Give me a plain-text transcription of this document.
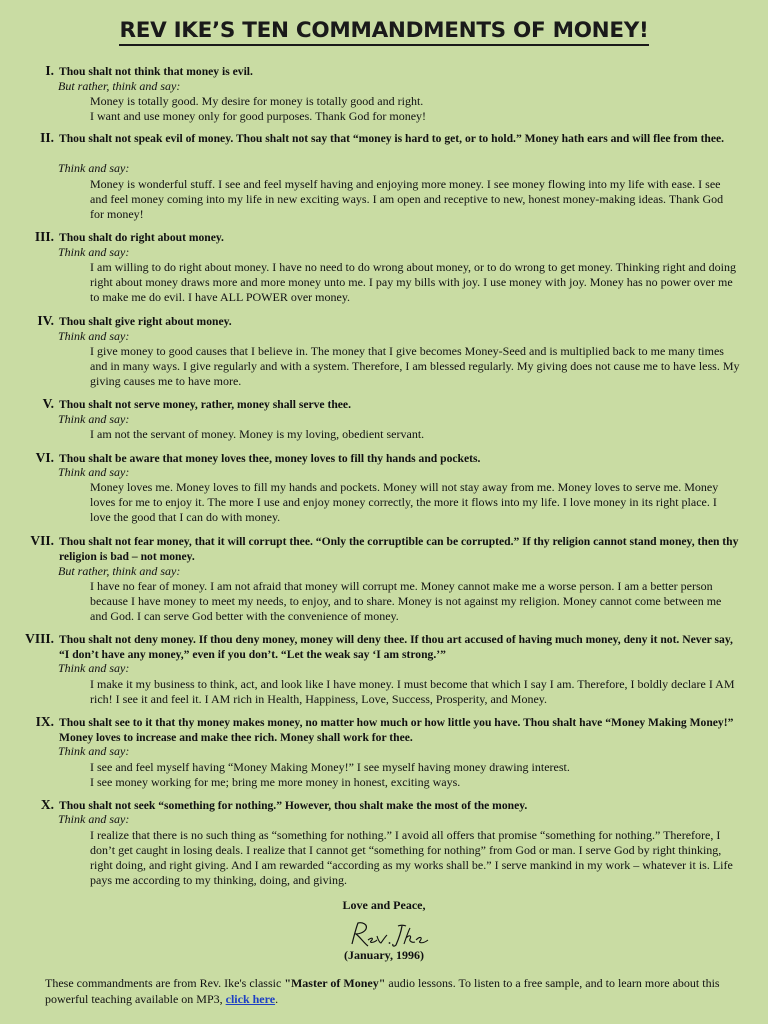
REV IKE’S TEN COMMANDMENTS OF MONEY!
I. Thou shalt not think that money is evil.
But rather, think and say:

Money is totally good. My desire for money is totally good and right.

I want and use money only for good purposes. Thank God for money!

II. Thou shalt not speak evil of money. Thou shalt not say that “money is hard to get, or to hold.” Money hath ears and will flee from thee.
Think and say:

Money is wonderful stuff. I see and feel myself having and enjoying more money. I see money flowing into my life with ease. I see and feel money coming into my life in new exciting ways. I am open and receptive to new, honest money-making ideas. Thank God for money!

III. Thou shalt do right about money.
Think and say:

I am willing to do right about money. I have no need to do wrong about money, or to do wrong to get money. Thinking right and doing right about money draws more and more money unto me. I pay my bills with joy. I use money with joy. Money has no power over me to make me do evil. I have ALL POWER over money.

IV. Thou shalt give right about money.
Think and say:

I give money to good causes that I believe in. The money that I give becomes Money-Seed and is multiplied back to me many times and in many ways. I give regularly and with a system. Therefore, I am blessed regularly. My giving does not cause me to have less. My giving causes me to have more.

V. Thou shalt not serve money, rather, money shall serve thee.
Think and say:

I am not the servant of money. Money is my loving, obedient servant.

VI. Thou shalt be aware that money loves thee, money loves to fill thy hands and pockets.
Think and say:

Money loves me. Money loves to fill my hands and pockets. Money will not stay away from me. Money loves to serve me. Money loves for me to enjoy it. The more I use and enjoy money correctly, the more it flows into my life. I love money in its right place. I love the good that I can do with money.

VII. Thou shalt not fear money, that it will corrupt thee. “Only the corruptible can be corrupted.” If thy religion cannot stand money, then thy religion is bad – not money.
But rather, think and say:

I have no fear of money. I am not afraid that money will corrupt me. Money cannot make me a worse person. I am a better person because I have money to meet my needs, to enjoy, and to share. Money is not against my religion. Money cannot come between me and God. I can serve God better with the convenience of money.

VIII. Thou shalt not deny money. If thou deny money, money will deny thee. If thou art accused of having much money, deny it not. Never say, “I don’t have any money,” even if you don’t. “Let the weak say ‘I am strong.’”
Think and say:

I make it my business to think, act, and look like I have money. I must become that which I say I am. Therefore, I boldly declare I AM rich! I see it and feel it. I AM rich in Health, Happiness, Love, Success, Prosperity, and Money.

IX. Thou shalt see to it that thy money makes money, no matter how much or how little you have. Thou shalt have “Money Making Money!” Money loves to increase and make thee rich. Money shall work for thee.
Think and say:

I see and feel myself having “Money Making Money!” I see myself having money drawing interest.

I see money working for me; bring me more money in honest, exciting ways.

X. Thou shalt not seek “something for nothing.” However, thou shalt make the most of the money.
Think and say:

I realize that there is no such thing as “something for nothing.” I avoid all offers that promise “something for nothing.” Therefore, I don’t get caught in losing deals. I realize that I cannot get “something for nothing” from God or man. I serve God by right thinking, right doing, and right giving. And I am rewarded “according as my works shall be.” I serve mankind in my work – whatever it is. Life pays me according to my thinking, doing, and giving.

Love and Peace,
(January, 1996)
These commandments are from Rev. Ike's classic "Master of Money" audio lessons. To listen to a free sample, and to learn more about this powerful teaching available on MP3, click here.
